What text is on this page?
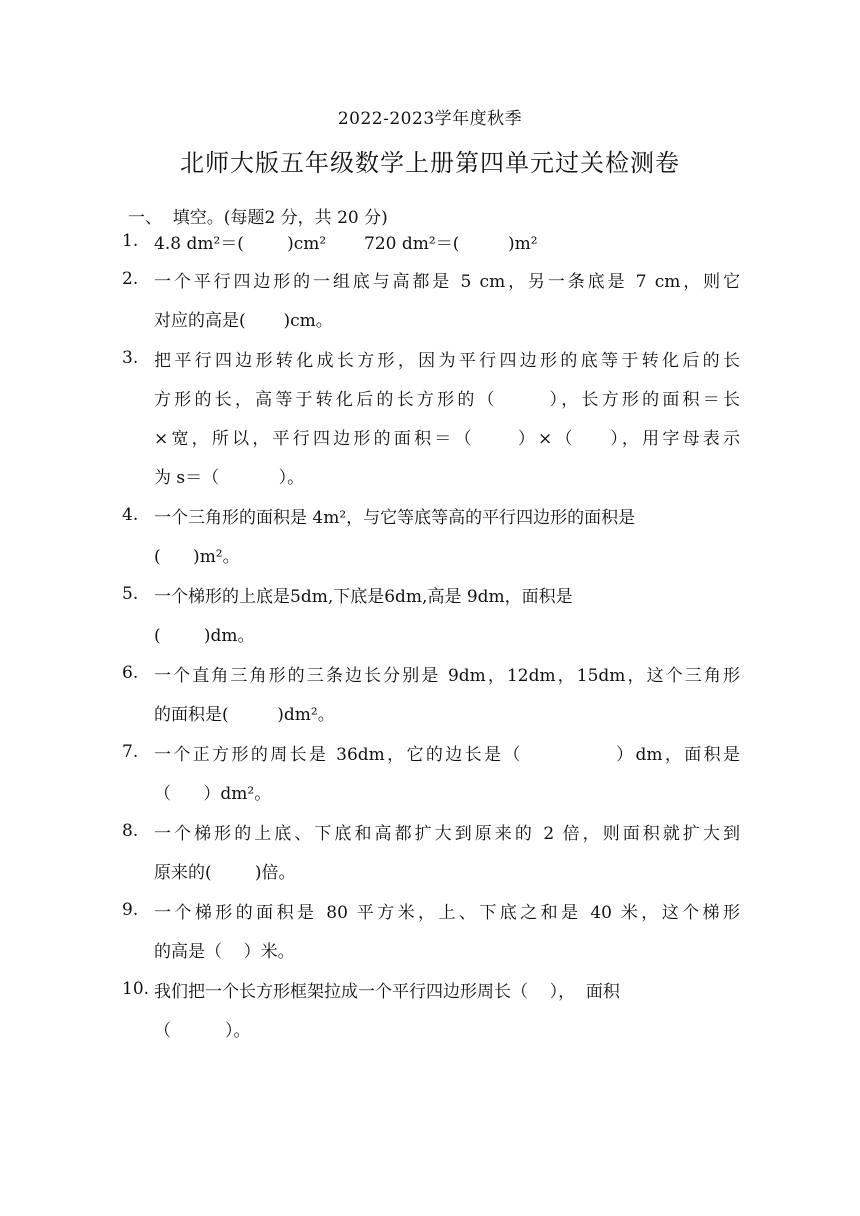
2022-2023学年度秋季
北师大版五年级数学上册第四单元过关检测卷
一、  填空。(每题2 分，共 20 分)
1. 4.8 dm²＝(        )cm²       720 dm²＝(         )m²
2. 一个平行四边形的一组底与高都是 5 cm，另一条底是 7 cm，则它
对应的高是(       )cm。
3. 把平行四边形转化成长方形，因为平行四边形的底等于转化后的长
方形的长，高等于转化后的长方形的（      ），长方形的面积＝长
×宽，所以，平行四边形的面积＝（     ）×（    ），用字母表示
为 s＝（           ）。
4. 一个三角形的面积是 4m²，与它等底等高的平行四边形的面积是
(      )m²。
5. 一个梯形的上底是5dm,下底是6dm,高是 9dm，面积是
(        )dm。
6. 一个直角三角形的三条边长分别是 9dm，12dm，15dm，这个三角形
的面积是(         )dm²。
7. 一个正方形的周长是 36dm，它的边长是（            ）dm，面积是
（      ）dm²。
8. 一个梯形的上底、下底和高都扩大到原来的 2 倍，则面积就扩大到
原来的(        )倍。
9. 一个梯形的面积是 80 平方米，上、下底之和是 40 米，这个梯形
的高是（    ）米。
10. 我们把一个长方形框架拉成一个平行四边形周长（    ），  面积
（          ）。
